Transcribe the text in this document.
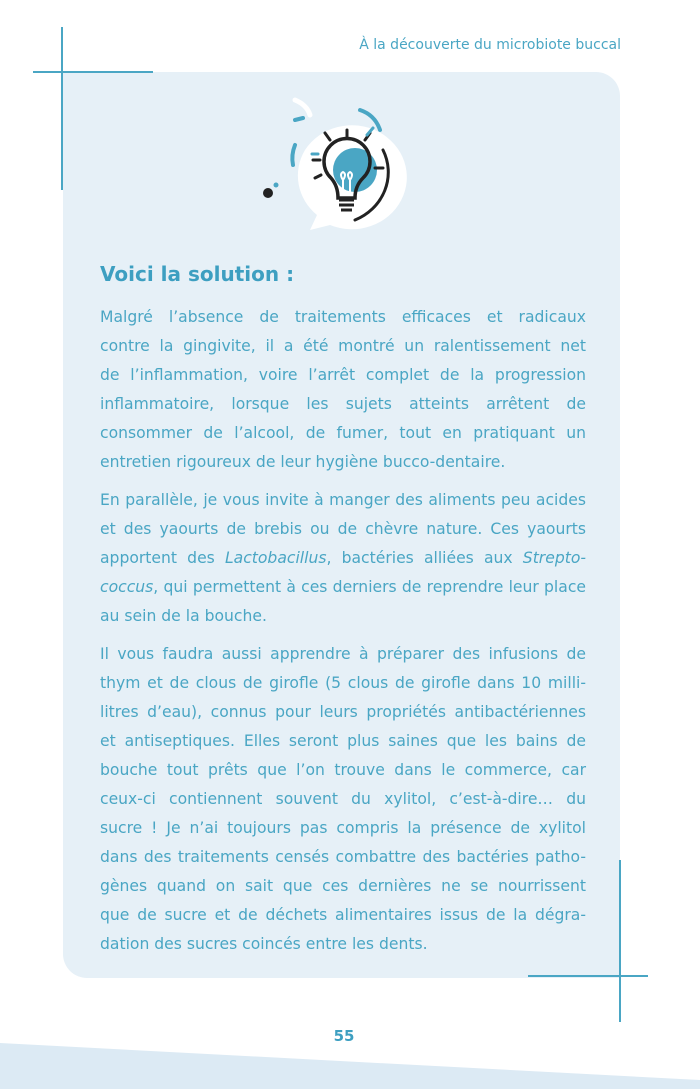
À la découverte du microbiote buccal
Voici la solution :
Malgré l’absence de traitements efficaces et radicaux
contre la gingivite, il a été montré un ralentissement net
de l’inflammation, voire l’arrêt complet de la progression
inflammatoire, lorsque les sujets atteints arrêtent de
consommer de l’alcool, de fumer, tout en pratiquant un
entretien rigoureux de leur hygiène bucco-dentaire.
En parallèle, je vous invite à manger des aliments peu acides
et des yaourts de brebis ou de chèvre nature. Ces yaourts
apportent des Lactobacillus, bactéries alliées aux Strepto-
coccus, qui permettent à ces derniers de reprendre leur place
au sein de la bouche.
Il vous faudra aussi apprendre à préparer des infusions de
thym et de clous de girofle (5 clous de girofle dans 10 milli-
litres d’eau), connus pour leurs propriétés antibactériennes
et antiseptiques. Elles seront plus saines que les bains de
bouche tout prêts que l’on trouve dans le commerce, car
ceux-ci contiennent souvent du xylitol, c’est-à-dire… du
sucre ! Je n’ai toujours pas compris la présence de xylitol
dans des traitements censés combattre des bactéries patho-
gènes quand on sait que ces dernières ne se nourrissent
que de sucre et de déchets alimentaires issus de la dégra-
dation des sucres coincés entre les dents.
55
